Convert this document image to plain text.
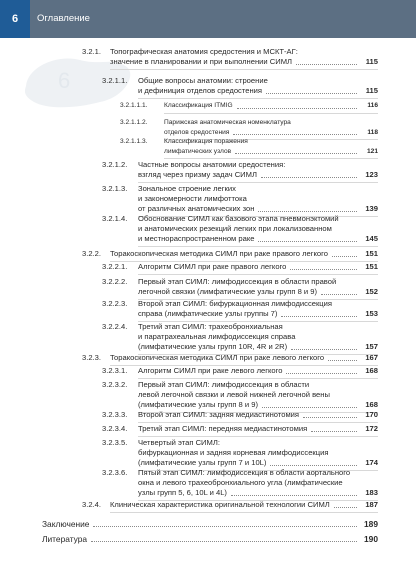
6 Оглавление
6
3.2.1.	Топографическая анатомия средостения и МСКТ-АГ:
значение в планировании и при выполнении СИМЛ	115
3.2.1.1.	Общие вопросы анатомии: строение
и дефиниция отделов средостения	115
3.2.1.1.1.	Классификация ITMIG	116
3.2.1.1.2.	Парижская анатомическая номенклатура
отделов средостения	118
3.2.1.1.3.	Классификация поражения
лимфатических узлов	121
3.2.1.2.	Частные вопросы анатомии средостения:
взгляд через призму задач СИМЛ	123
3.2.1.3.	Зональное строение легких
и закономерности лимфоттока
от различных анатомических зон	139
3.2.1.4.	Обоснование СИМЛ как базового этапа пневмонэктомий
и анатомических резекций легких при локализованном
и местнораспространенном раке	145
3.2.2.	Торакоскопическая методика СИМЛ при раке правого легкого	151
3.2.2.1.	Алгоритм СИМЛ при раке правого легкого	151
3.2.2.2.	Первый этап СИМЛ: лимфодиссекция в области правой
легочной связки (лимфатические узлы групп 8 и 9)	152
3.2.2.3.	Второй этап СИМЛ: бифуркационная лимфодиссекция
справа (лимфатические узлы группы 7)	153
3.2.2.4.	Третий этап СИМЛ: трахеобронхиальная
и паратрахеальная лимфодиссекция справа
(лимфатические узлы групп 10R, 4R и 2R)	157
3.2.3.	Торакоскопическая методика СИМЛ при раке левого легкого	167
3.2.3.1.	Алгоритм СИМЛ при раке левого легкого	168
3.2.3.2.	Первый этап СИМЛ: лимфодиссекция в области
левой легочной связки и левой нижней легочной вены
(лимфатические узлы групп 8 и 9)	168
3.2.3.3.	Второй этап СИМЛ: задняя медиастинотомия	170
3.2.3.4.	Третий этап СИМЛ: передняя медиастинотомия	172
3.2.3.5.	Четвертый этап СИМЛ:
бифуркационная и задняя корневая лимфодиссекция
(лимфатические узлы групп 7 и 10L)	174
3.2.3.6.	Пятый этап СИМЛ: лимфодиссекция в области аортального
окна и левого трахеобронхиального угла (лимфатические
узлы групп 5, 6, 10L и 4L)	183
3.2.4.	Клиническая характеристика оригинальной технологии СИМЛ	187
Заключение	189
Литература	190
